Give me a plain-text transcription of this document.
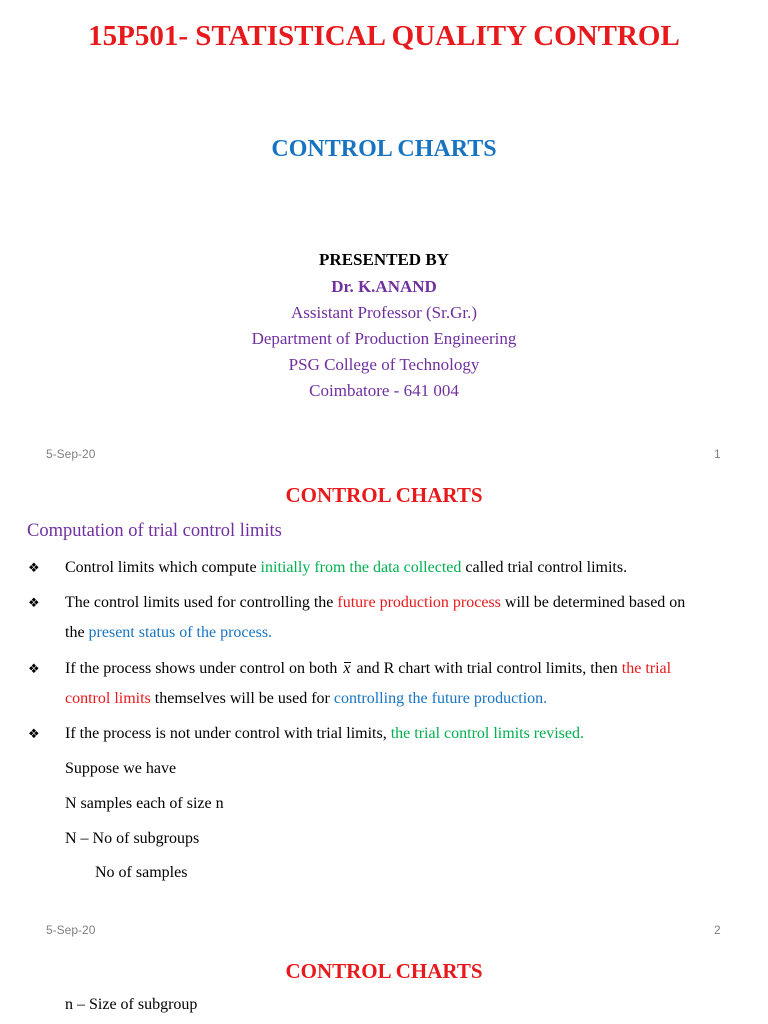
15P501- STATISTICAL QUALITY CONTROL
CONTROL CHARTS
PRESENTED BY
Dr. K.ANAND
Assistant Professor (Sr.Gr.)
Department of Production Engineering
PSG College of Technology
Coimbatore - 641 004
5-Sep-20	1
CONTROL CHARTS
Computation of trial control limits
❖ Control limits which compute initially from the data collected called trial control limits.
❖ The control limits used for controlling the future production process will be determined based on
the present status of the process.
❖ If the process shows under control on both x and R chart with trial control limits, then the trial
control limits themselves will be used for controlling the future production.
❖ If the process is not under control with trial limits, the trial control limits revised.
Suppose we have
N samples each of size n
N – No of subgroups
No of samples
5-Sep-20	2
CONTROL CHARTS
n – Size of subgroup
